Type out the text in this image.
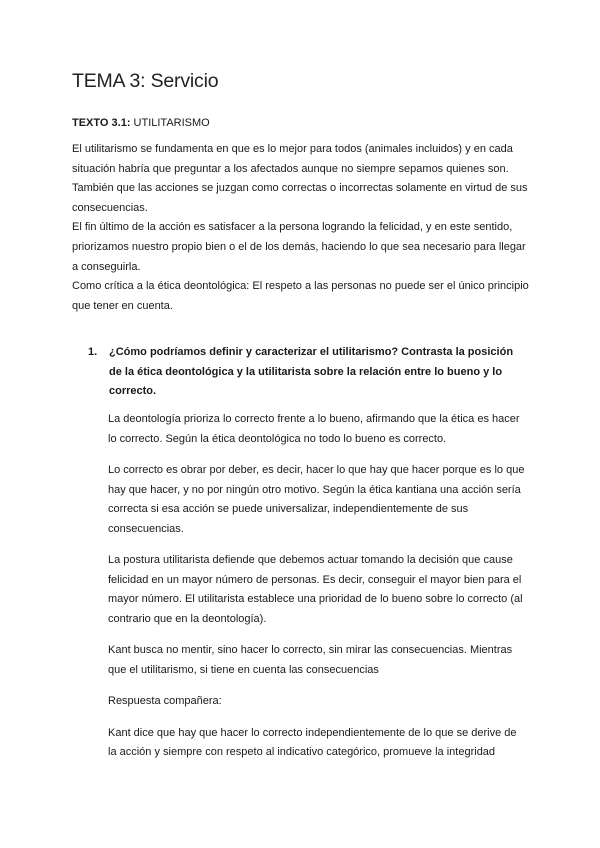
TEMA 3: Servicio

TEXTO 3.1: UTILITARISMO

El utilitarismo se fundamenta en que es lo mejor para todos (animales incluidos) y en cada situación habría que preguntar a los afectados aunque no siempre sepamos quienes son. También que las acciones se juzgan como correctas o incorrectas solamente en virtud de sus consecuencias.

El fin último de la acción es satisfacer a la persona logrando la felicidad, y en este sentido, priorizamos nuestro propio bien o el de los demás, haciendo lo que sea necesario para llegar a conseguirla.

Como crítica a la ética deontológica: El respeto a las personas no puede ser el único principio que tener en cuenta.

1.	¿Cómo podríamos definir y caracterizar el utilitarismo? Contrasta la posición de la ética deontológica y la utilitarista sobre la relación entre lo bueno y lo correcto.

La deontología prioriza lo correcto frente a lo bueno, afirmando que la ética es hacer lo correcto. Según la ética deontológica no todo lo bueno es correcto.

Lo correcto es obrar por deber, es decir, hacer lo que hay que hacer porque es lo que hay que hacer, y no por ningún otro motivo. Según la ética kantiana una acción sería correcta si esa acción se puede universalizar, independientemente de sus consecuencias.

La postura utilitarista defiende que debemos actuar tomando la decisión que cause felicidad en un mayor número de personas. Es decir, conseguir el mayor bien para el mayor número. El utilitarista establece una prioridad de lo bueno sobre lo correcto (al contrario que en la deontología).

Kant busca no mentir, sino hacer lo correcto, sin mirar las consecuencias. Mientras que el utilitarismo, si tiene en cuenta las consecuencias

Respuesta compañera:

Kant dice que hay que hacer lo correcto independientemente de lo que se derive de la acción y siempre con respeto al indicativo categórico, promueve la integridad
